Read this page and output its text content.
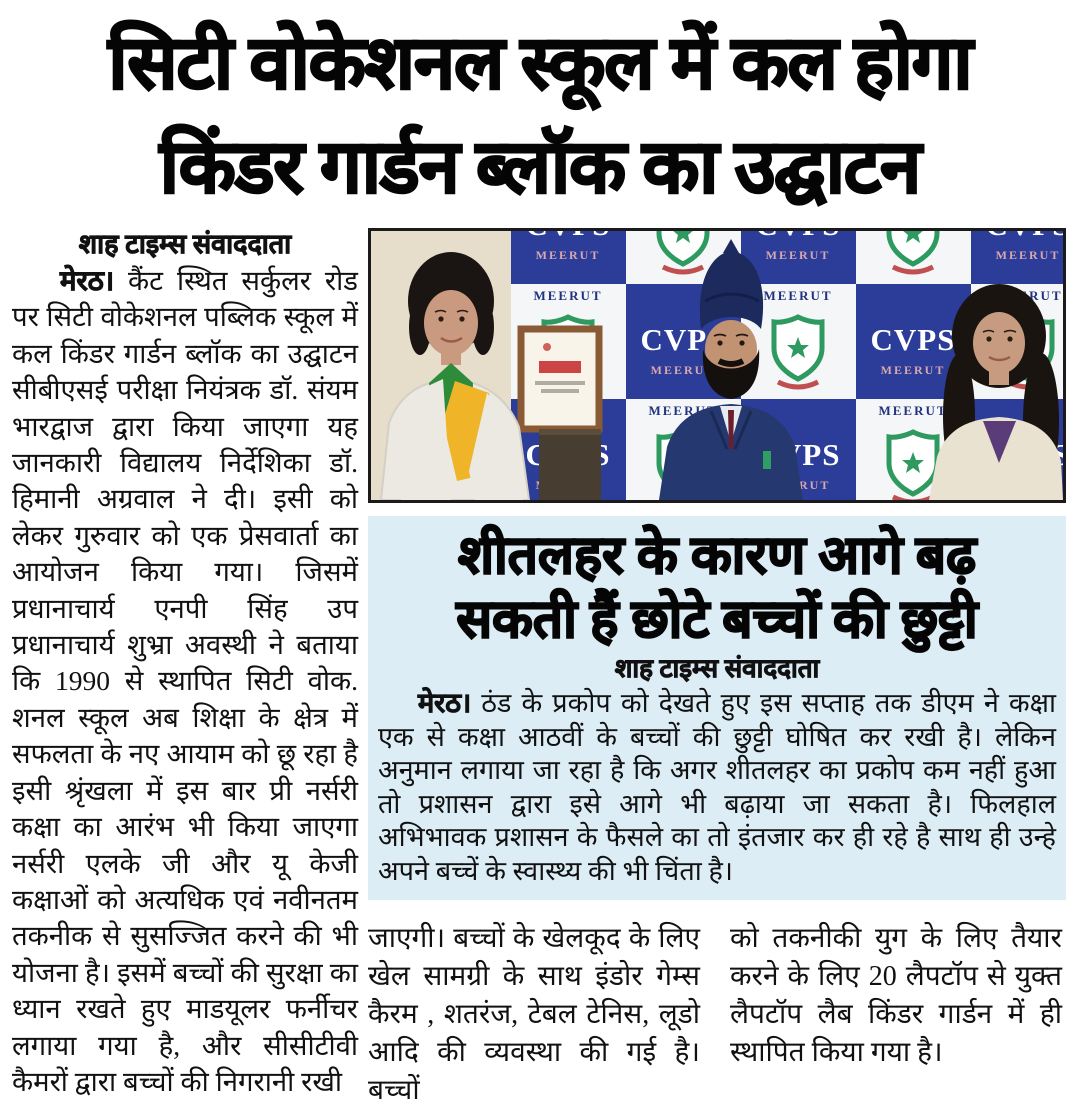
सिटी वोकेशनल स्कूल में कल होगा
किंडर गार्डन ब्लॉक का उद्घाटन
शाह टाइम्स संवाददाता

मेरठ। कैंट स्थित सर्कुलर रोड पर सिटी वोकेशनल पब्लिक स्कूल में कल किंडर गार्डन ब्लॉक का उद्घाटन सीबीएसई परीक्षा नियंत्रक डॉ. संयम भारद्वाज द्वारा किया जाएगा यह जानकारी विद्यालय निर्देशिका डॉ. हिमानी अग्रवाल ने दी। इसी को लेकर गुरुवार को एक प्रेसवार्ता का आयोजन किया गया। जिसमें प्रधानाचार्य एनपी सिंह उप प्रधानाचार्य शुभ्रा अवस्थी ने बताया कि 1990 से स्थापित सिटी वोक. शनल स्कूल अब शिक्षा के क्षेत्र में सफलता के नए आयाम को छू रहा है इसी श्रृंखला में इस बार प्री नर्सरी कक्षा का आरंभ भी किया जाएगा नर्सरी एलके जी और यू केजी कक्षाओं को अत्यधिक एवं नवीनतम तकनीक से सुसज्जित करने की भी योजना है। इसमें बच्चों की सुरक्षा का ध्यान रखते हुए माडयूलर फर्नीचर लगाया गया है, और सीसीटीवी कैमरों द्वारा बच्चों की निगरानी रखी

शीतलहर के कारण आगे बढ़
सकती हैं छोटे बच्चों की छुट्टी
शाह टाइम्स संवाददाता

मेरठ। ठंड के प्रकोप को देखते हुए इस सप्ताह तक डीएम ने कक्षा एक से कक्षा आठवीं के बच्चों की छुट्टी घोषित कर रखी है। लेकिन अनुमान लगाया जा रहा है कि अगर शीतलहर का प्रकोप कम नहीं हुआ तो प्रशासन द्वारा इसे आगे भी बढ़ाया जा सकता है। फिलहाल अभिभावक प्रशासन के फैसले का तो इंतजार कर ही रहे है साथ ही उन्हे अपने बच्चें के स्वास्थ्य की भी चिंता है।

जाएगी। बच्चों के खेलकूद के लिए खेल सामग्री के साथ इंडोर गेम्स कैरम , शतरंज, टेबल टेनिस, लूडो आदि की व्यवस्था की गई है। बच्चों

को तकनीकी युग के लिए तैयार करने के लिए 20 लैपटॉप से युक्त लैपटॉप लैब किंडर गार्डन में ही स्थापित किया गया है।
